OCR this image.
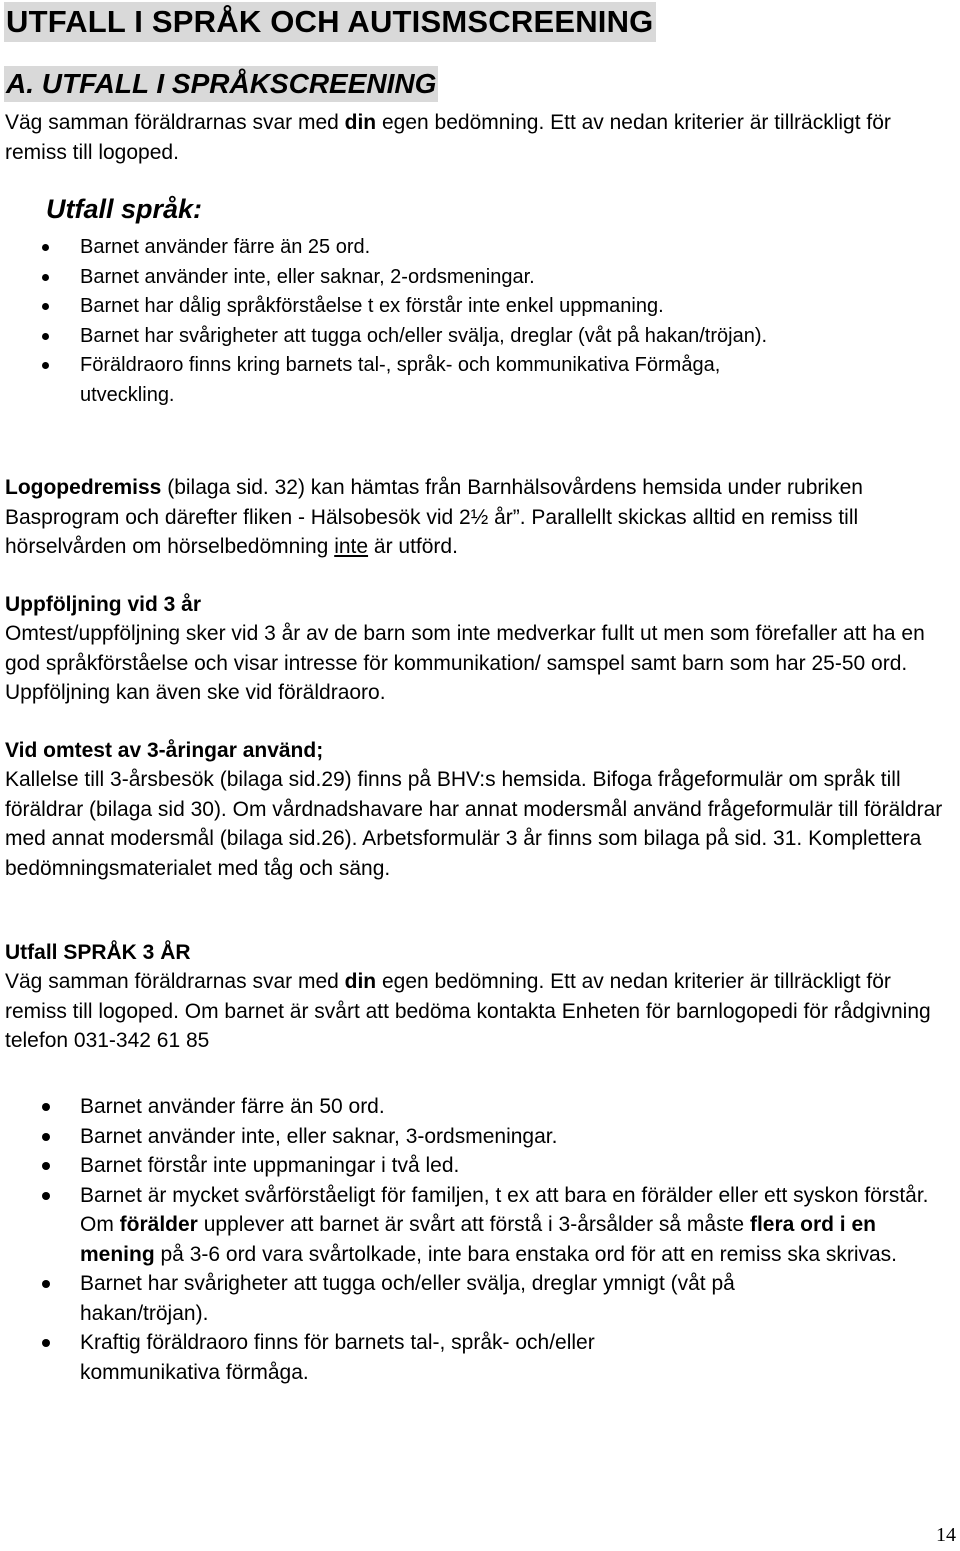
UTFALL I SPRÅK OCH AUTISMSCREENING
A. UTFALL I SPRÅKSCREENING

Väg samman föräldrarnas svar med din egen bedömning. Ett av nedan kriterier är tillräckligt för remiss till logoped.

Utfall språk:
Barnet använder färre än 25 ord.
Barnet använder inte, eller saknar, 2-ordsmeningar.
Barnet har dålig språkförståelse t ex förstår inte enkel uppmaning.
Barnet har svårigheter att tugga och/eller svälja, dreglar (våt på hakan/tröjan).
Föräldraoro finns kring barnets tal-, språk- och kommunikativa Förmåga, utveckling.

Logopedremiss (bilaga sid. 32) kan hämtas från Barnhälsovårdens hemsida under rubriken Basprogram och därefter fliken - Hälsobesök vid 2½ år”. Parallellt skickas alltid en remiss till hörselvården om hörselbedömning inte är utförd.

Uppföljning vid 3 år

Omtest/uppföljning sker vid 3 år av de barn som inte medverkar fullt ut men som förefaller att ha en god språkförståelse och visar intresse för kommunikation/ samspel samt barn som har 25-50 ord. Uppföljning kan även ske vid föräldraoro.

Vid omtest av 3-åringar använd;

Kallelse till 3-årsbesök (bilaga sid.29) finns på BHV:s hemsida. Bifoga frågeformulär om språk till föräldrar (bilaga sid 30). Om vårdnadshavare har annat modersmål använd frågeformulär till föräldrar med annat modersmål (bilaga sid.26). Arbetsformulär 3 år finns som bilaga på sid. 31. Komplettera bedömningsmaterialet med tåg och säng.

Utfall SPRÅK 3 ÅR

Väg samman föräldrarnas svar med din egen bedömning. Ett av nedan kriterier är tillräckligt för remiss till logoped. Om barnet är svårt att bedöma kontakta Enheten för barnlogopedi för rådgivning telefon 031-342 61 85

Barnet använder färre än 50 ord.
Barnet använder inte, eller saknar, 3-ordsmeningar.
Barnet förstår inte uppmaningar i två led.
Barnet är mycket svårförståeligt för familjen, t ex att bara en förälder eller ett syskon förstår. Om förälder upplever att barnet är svårt att förstå i 3-årsålder så måste flera ord i en mening på 3-6 ord vara svårtolkade, inte bara enstaka ord för att en remiss ska skrivas.
Barnet har svårigheter att tugga och/eller svälja, dreglar ymnigt (våt på hakan/tröjan).
Kraftig föräldraoro finns för barnets tal-, språk- och/eller kommunikativa förmåga.
14
